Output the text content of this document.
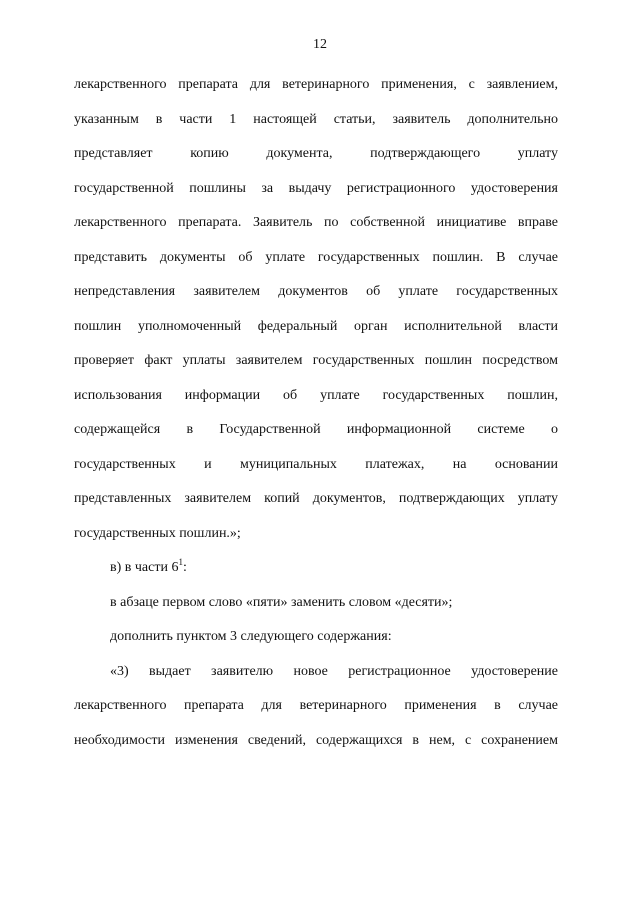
12
лекарственного препарата для ветеринарного применения, с заявлением,
указанным в части 1 настоящей статьи, заявитель дополнительно
представляет копию документа, подтверждающего уплату
государственной пошлины за выдачу регистрационного удостоверения
лекарственного препарата. Заявитель по собственной инициативе вправе
представить документы об уплате государственных пошлин. В случае
непредставления заявителем документов об уплате государственных
пошлин уполномоченный федеральный орган исполнительной власти
проверяет факт уплаты заявителем государственных пошлин посредством
использования информации об уплате государственных пошлин,
содержащейся в Государственной информационной системе о
государственных и муниципальных платежах, на основании
представленных заявителем копий документов, подтверждающих уплату
государственных пошлин.»;
в) в части $6^1$:
в абзаце первом слово «пяти» заменить словом «десяти»;
дополнить пунктом 3 следующего содержания:
«3) выдает заявителю новое регистрационное удостоверение
лекарственного препарата для ветеринарного применения в случае
необходимости изменения сведений, содержащихся в нем, с сохранением
